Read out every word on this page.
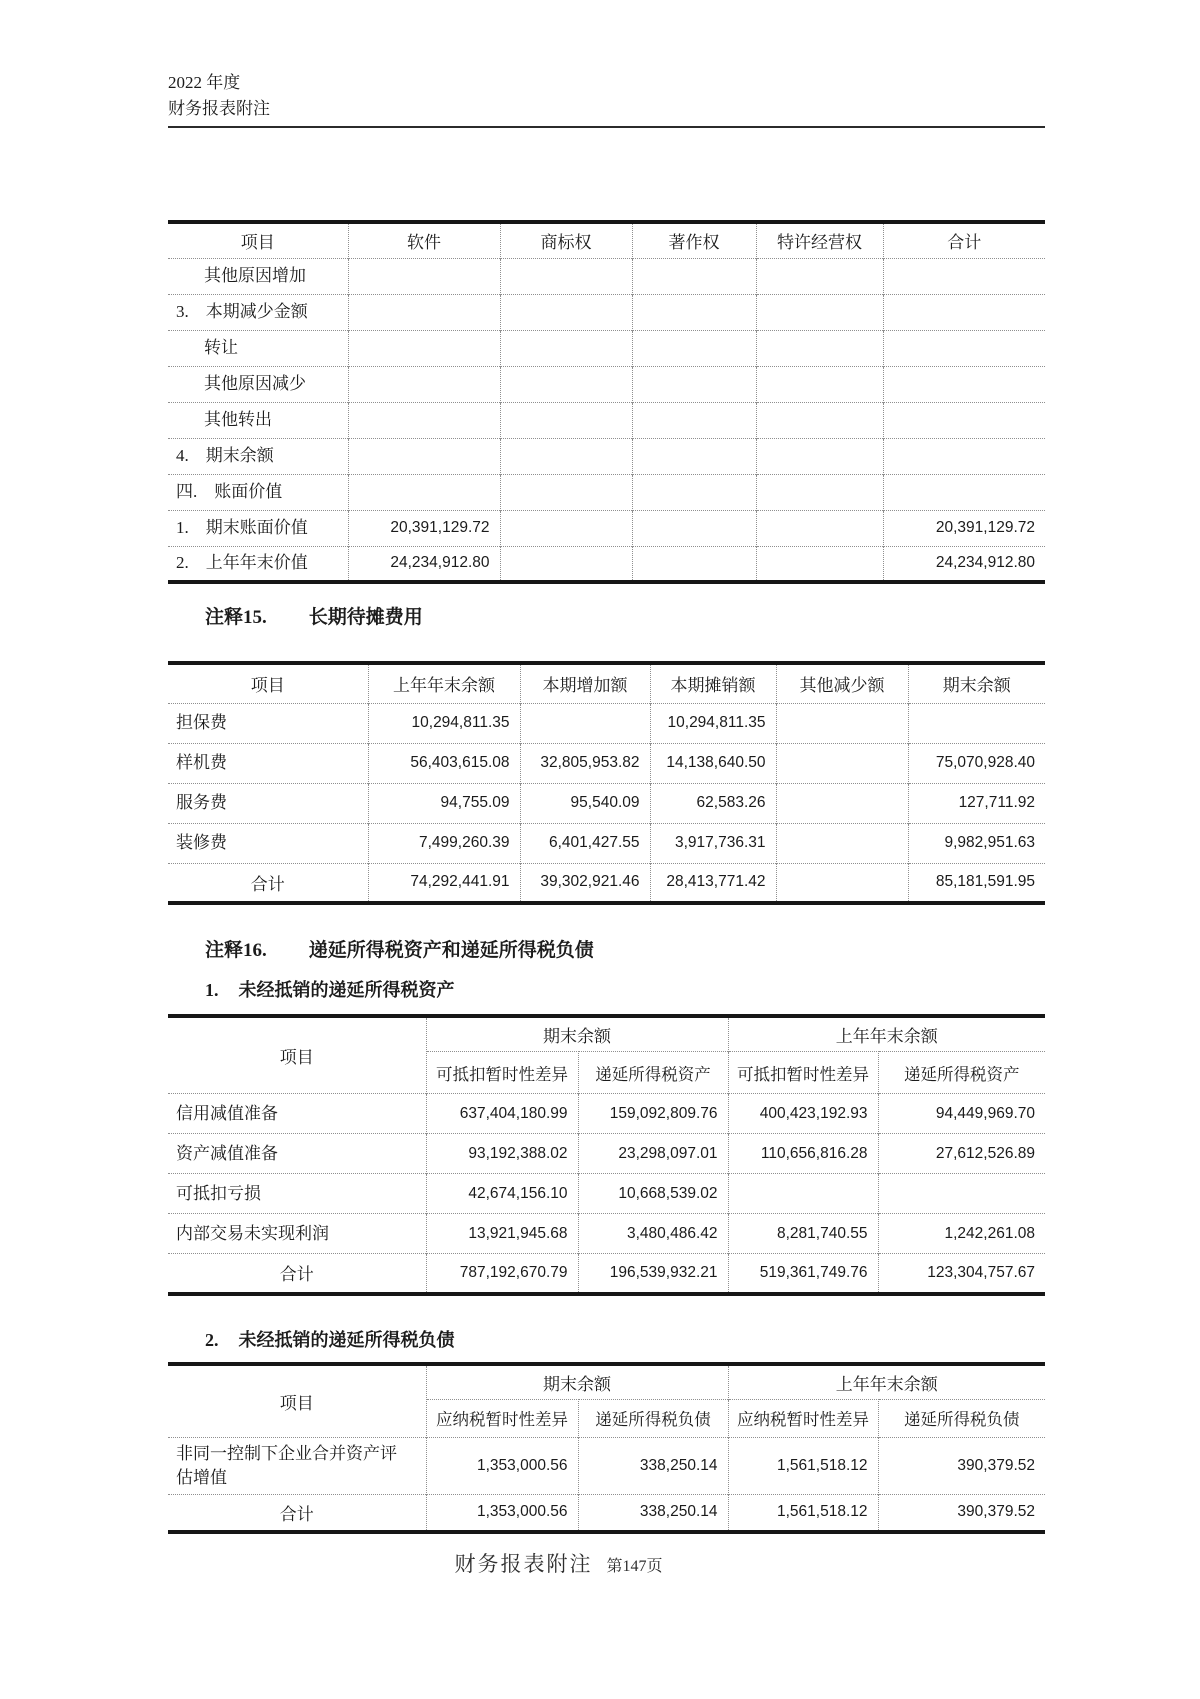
2022 年度
财务报表附注
项目	软件	商标权	著作权	特许经营权	合计

其他原因增加					

3.　本期减少金额					

转让					

其他原因减少					

其他转出					

4.　期末余额					

四.　账面价值					

1.　期末账面价值	20,391,129.72				20,391,129.72

2.　上年年末价值	24,234,912.80				24,234,912.80
注释15. 长期待摊费用
项目	上年年末余额	本期增加额	本期摊销额	其他减少额	期末余额

担保费	10,294,811.35		10,294,811.35		

样机费	56,403,615.08	32,805,953.82	14,138,640.50		75,070,928.40

服务费	94,755.09	95,540.09	62,583.26		127,711.92

装修费	7,499,260.39	6,401,427.55	3,917,736.31		9,982,951.63
合计	74,292,441.91	39,302,921.46	28,413,771.42		85,181,591.95
注释16. 递延所得税资产和递延所得税负债
1. 未经抵销的递延所得税资产
项目	期末余额		上年年末余额	
	可抵扣暂时性差异	递延所得税资产	可抵扣暂时性差异	递延所得税资产

信用减值准备	637,404,180.99	159,092,809.76	400,423,192.93	94,449,969.70

资产减值准备	93,192,388.02	23,298,097.01	110,656,816.28	27,612,526.89

可抵扣亏损	42,674,156.10	10,668,539.02		

内部交易未实现利润	13,921,945.68	3,480,486.42	8,281,740.55	1,242,261.08
合计	787,192,670.79	196,539,932.21	519,361,749.76	123,304,757.67
2. 未经抵销的递延所得税负债
项目	期末余额		上年年末余额	
	应纳税暂时性差异	递延所得税负债	应纳税暂时性差异	递延所得税负债

非同一控制下企业合并资产评估增值	1,353,000.56	338,250.14	1,561,518.12	390,379.52
合计	1,353,000.56	338,250.14	1,561,518.12	390,379.52
财务报表附注 第147页
